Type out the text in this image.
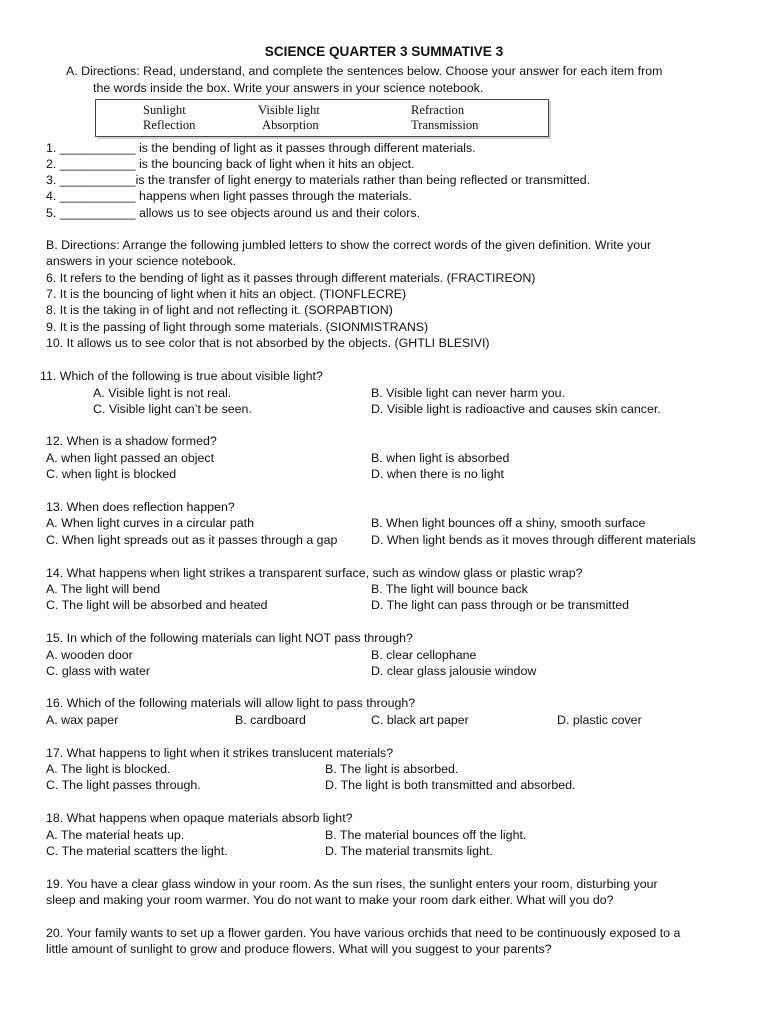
SCIENCE QUARTER 3 SUMMATIVE 3
A. Directions: Read, understand, and complete the sentences below. Choose your answer for each item from
the words inside the box. Write your answers in your science notebook.
Sunlight	Visible light	Refraction
Reflection	Absorption	Transmission
1. ___________ is the bending of light as it passes through different materials.
2. ___________ is the bouncing back of light when it hits an object.
3. ___________is the transfer of light energy to materials rather than being reflected or transmitted.
4. ___________ happens when light passes through the materials.
5. ___________ allows us to see objects around us and their colors.
B. Directions: Arrange the following jumbled letters to show the correct words of the given definition. Write your
answers in your science notebook.
6. It refers to the bending of light as it passes through different materials. (FRACTIREON)
7. It is the bouncing of light when it hits an object. (TIONFLECRE)
8. It is the taking in of light and not reflecting it. (SORPABTION)
9. It is the passing of light through some materials. (SIONMISTRANS)
10. It allows us to see color that is not absorbed by the objects. (GHTLI BLESIVI)
11. Which of the following is true about visible light?
A. Visible light is not real.	B. Visible light can never harm you.
C. Visible light can’t be seen.	D. Visible light is radioactive and causes skin cancer.
12. When is a shadow formed?
A. when light passed an object	B. when light is absorbed
C. when light is blocked	D. when there is no light
13. When does reflection happen?
A. When light curves in a circular path	B. When light bounces off a shiny, smooth surface
C. When light spreads out as it passes through a gap	D. When light bends as it moves through different materials
14. What happens when light strikes a transparent surface, such as window glass or plastic wrap?
A. The light will bend	B. The light will bounce back
C. The light will be absorbed and heated	D. The light can pass through or be transmitted
15. In which of the following materials can light NOT pass through?
A. wooden door	B. clear cellophane
C. glass with water	D. clear glass jalousie window
16. Which of the following materials will allow light to pass through?
A. wax paper	B. cardboard	C. black art paper	D. plastic cover
17. What happens to light when it strikes translucent materials?
A. The light is blocked.	B. The light is absorbed.
C. The light passes through.	D. The light is both transmitted and absorbed.
18. What happens when opaque materials absorb light?
A. The material heats up.	B. The material bounces off the light.
C. The material scatters the light.	D. The material transmits light.
19. You have a clear glass window in your room. As the sun rises, the sunlight enters your room, disturbing your
sleep and making your room warmer. You do not want to make your room dark either. What will you do?
20. Your family wants to set up a flower garden. You have various orchids that need to be continuously exposed to a
little amount of sunlight to grow and produce flowers. What will you suggest to your parents?
